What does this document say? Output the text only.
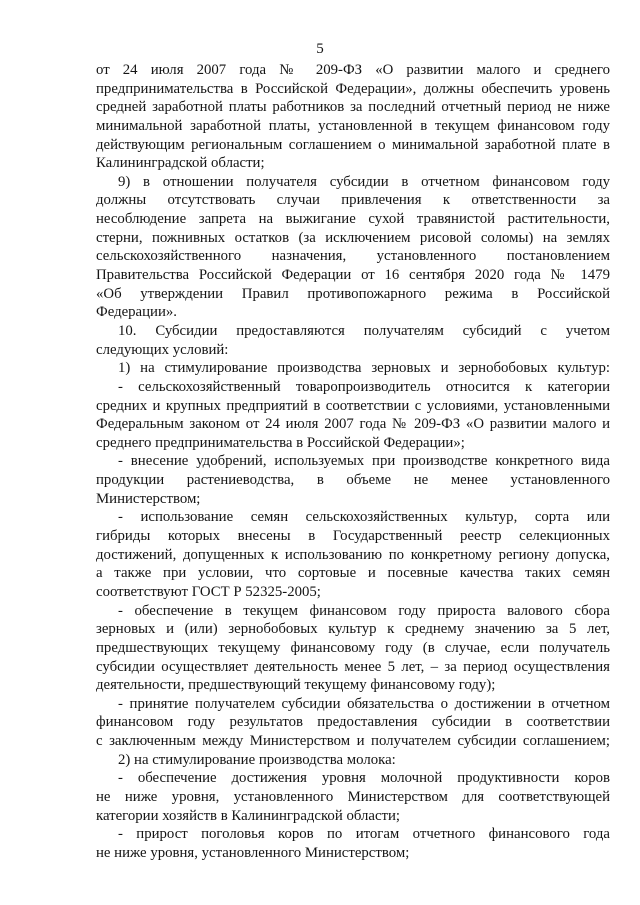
5
от 24 июля 2007 года № 209-ФЗ «О развитии малого и среднего
предпринимательства в Российской Федерации», должны обеспечить уровень
средней заработной платы работников за последний отчетный период не ниже
минимальной заработной платы, установленной в текущем финансовом году
действующим региональным соглашением о минимальной заработной плате в
Калининградской области;
9) в отношении получателя субсидии в отчетном финансовом году
должны отсутствовать случаи привлечения к ответственности за
несоблюдение запрета на выжигание сухой травянистой растительности,
стерни, пожнивных остатков (за исключением рисовой соломы) на землях
сельскохозяйственного назначения, установленного постановлением
Правительства Российской Федерации от 16 сентября 2020 года № 1479
«Об утверждении Правил противопожарного режима в Российской
Федерации».
10. Субсидии предоставляются получателям субсидий с учетом
следующих условий:
1) на стимулирование производства зерновых и зернобобовых культур:
- сельскохозяйственный товаропроизводитель относится к категории
средних и крупных предприятий в соответствии с условиями, установленными
Федеральным законом от 24 июля 2007 года № 209-ФЗ «О развитии малого и
среднего предпринимательства в Российской Федерации»;
- внесение удобрений, используемых при производстве конкретного вида
продукции растениеводства, в объеме не менее установленного
Министерством;
- использование семян сельскохозяйственных культур, сорта или
гибриды которых внесены в Государственный реестр селекционных
достижений, допущенных к использованию по конкретному региону допуска,
а также при условии, что сортовые и посевные качества таких семян
соответствуют ГОСТ Р 52325-2005;
- обеспечение в текущем финансовом году прироста валового сбора
зерновых и (или) зернобобовых культур к среднему значению за 5 лет,
предшествующих текущему финансовому году (в случае, если получатель
субсидии осуществляет деятельность менее 5 лет, – за период осуществления
деятельности, предшествующий текущему финансовому году);
- принятие получателем субсидии обязательства о достижении в отчетном
финансовом году результатов предоставления субсидии в соответствии
с заключенным между Министерством и получателем субсидии соглашением;
2) на стимулирование производства молока:
- обеспечение достижения уровня молочной продуктивности коров
не ниже уровня, установленного Министерством для соответствующей
категории хозяйств в Калининградской области;
- прирост поголовья коров по итогам отчетного финансового года
не ниже уровня, установленного Министерством;
